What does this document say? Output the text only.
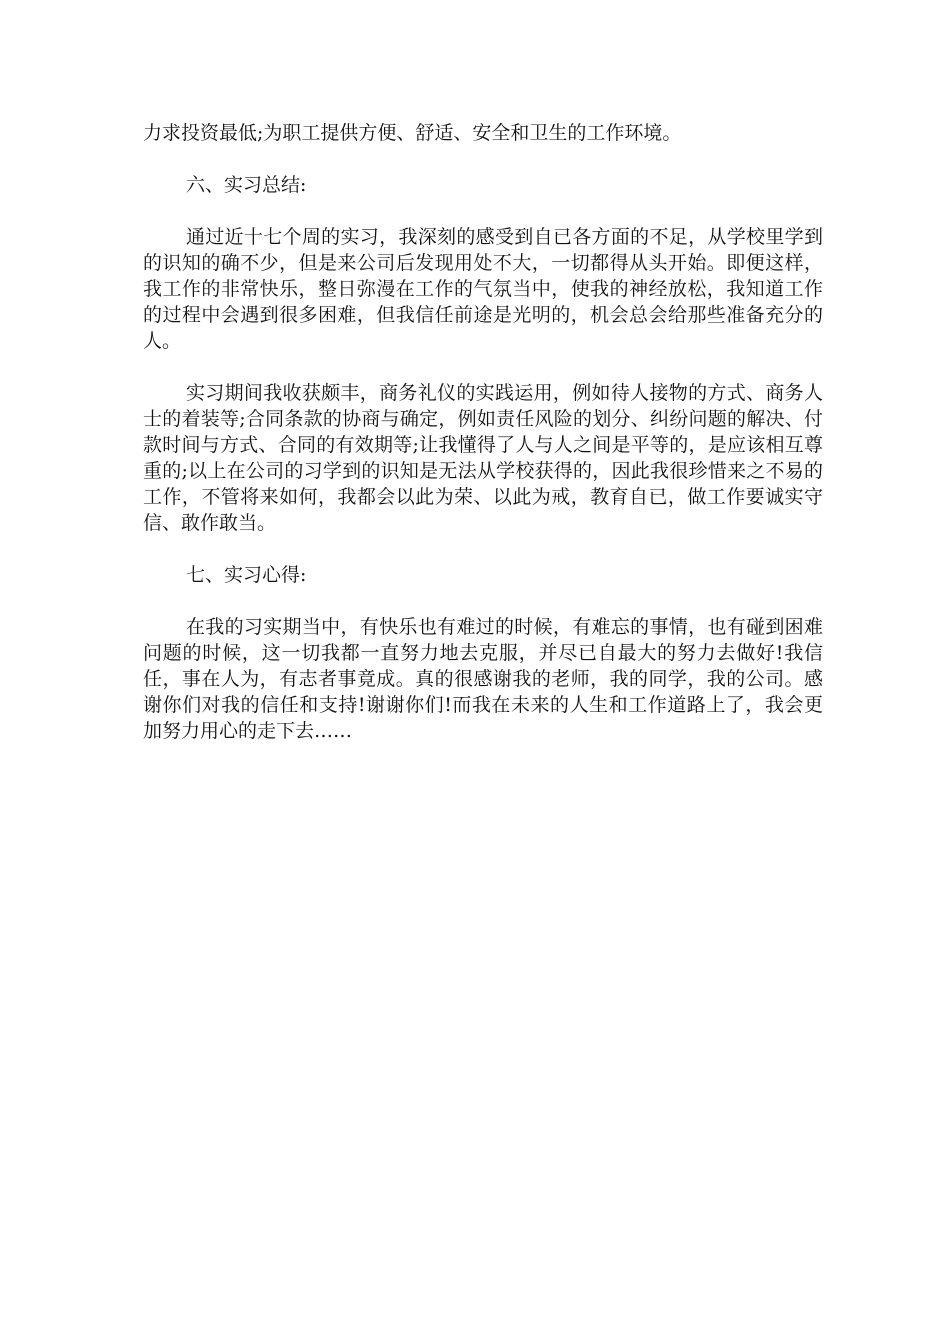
力求投资最低;为职工提供方便、舒适、安全和卫生的工作环境。

六、实习总结:

通过近十七个周的实习，我深刻的感受到自已各方面的不足，从学校里学到的识知的确不少，但是来公司后发现用处不大，一切都得从头开始。即便这样，我工作的非常快乐，整日弥漫在工作的气氛当中，使我的神经放松，我知道工作的过程中会遇到很多困难，但我信任前途是光明的，机会总会给那些准备充分的人。

实习期间我收获颇丰，商务礼仪的实践运用，例如待人接物的方式、商务人士的着装等;合同条款的协商与确定，例如责任风险的划分、纠纷问题的解决、付款时间与方式、合同的有效期等;让我懂得了人与人之间是平等的，是应该相互尊重的;以上在公司的习学到的识知是无法从学校获得的，因此我很珍惜来之不易的工作，不管将来如何，我都会以此为荣、以此为戒，教育自已，做工作要诚实守信、敢作敢当。

七、实习心得:

在我的习实期当中，有快乐也有难过的时候，有难忘的事情，也有碰到困难问题的时候，这一切我都一直努力地去克服，并尽已自最大的努力去做好!我信任，事在人为，有志者事竟成。真的很感谢我的老师，我的同学，我的公司。感谢你们对我的信任和支持!谢谢你们!而我在未来的人生和工作道路上了，我会更加努力用心的走下去……
